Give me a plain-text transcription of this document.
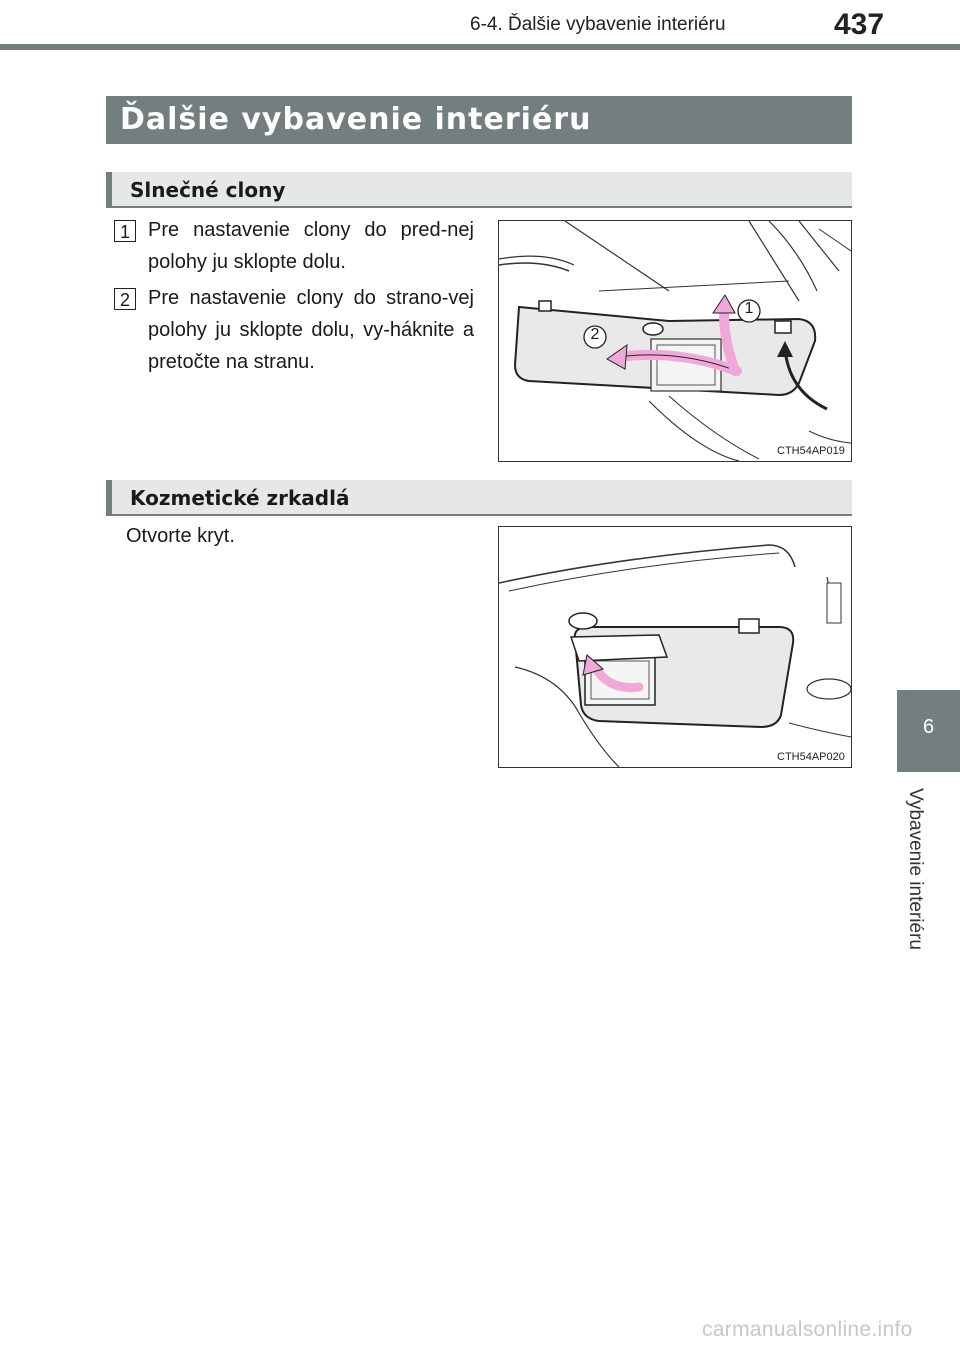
6-4. Ďalšie vybavenie interiéru	437
Ďalšie vybavenie interiéru
Slnečné clony
1 Pre nastavenie clony do pred-nej polohy ju sklopte dolu.
2 Pre nastavenie clony do strano-vej polohy ju sklopte dolu, vy-háknite a pretočte na stranu.
1
2
CTH54AP019
Kozmetické zrkadlá
Otvorte kryt.
CTH54AP020
6
Vybavenie interiéru
carmanualsonline.info
